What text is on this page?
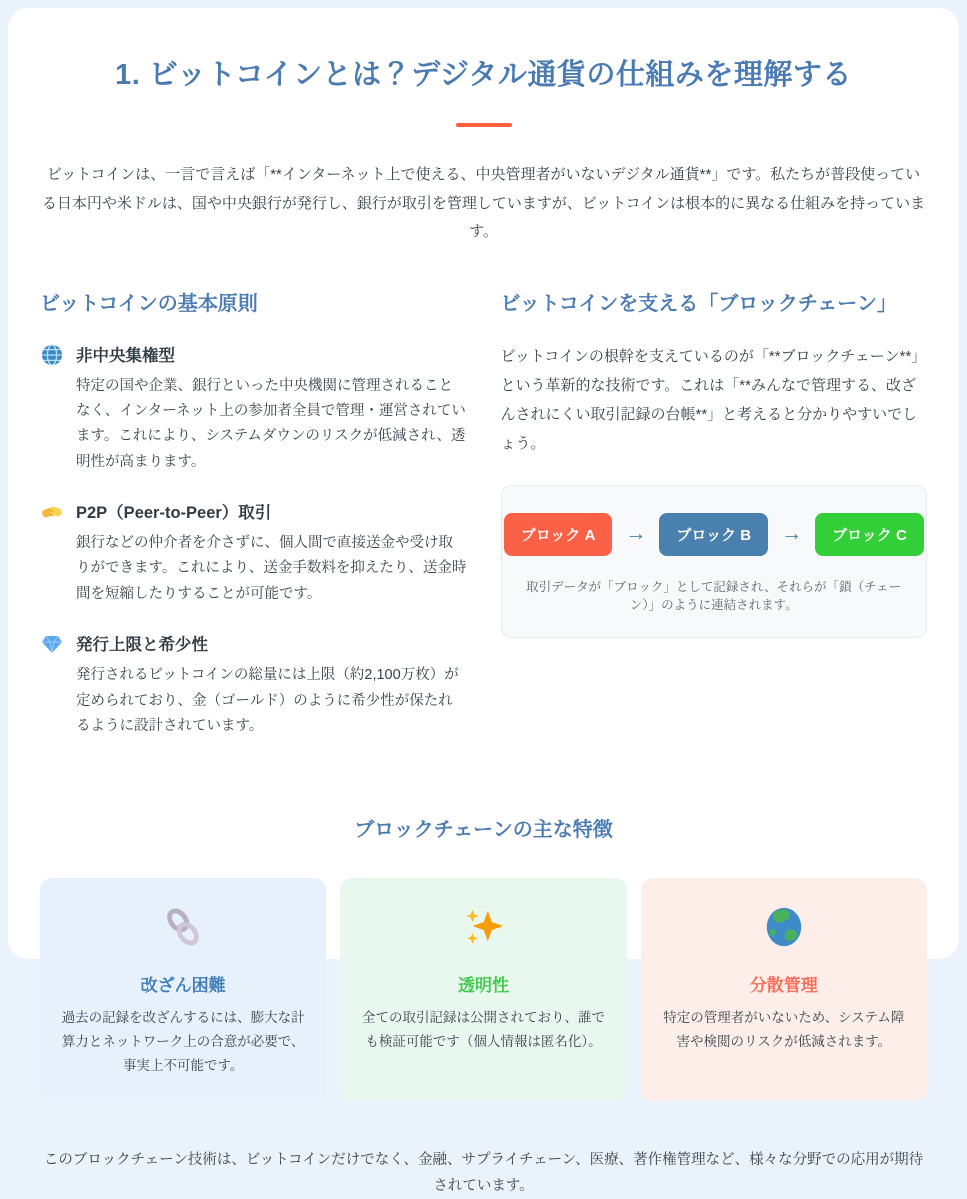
1. ビットコインとは？デジタル通貨の仕組みを理解する

ビットコインは、一言で言えば「**インターネット上で使える、中央管理者がいないデジタル通貨**」です。私たちが普段使っている日本円や米ドルは、国や中央銀行が発行し、銀行が取引を管理していますが、ビットコインは根本的に異なる仕組みを持っています。

ビットコインの基本原則

非中央集権型

特定の国や企業、銀行といった中央機関に管理されることなく、インターネット上の参加者全員で管理・運営されています。これにより、システムダウンのリスクが低減され、透明性が高まります。

P2P（Peer-to-Peer）取引

銀行などの仲介者を介さずに、個人間で直接送金や受け取りができます。これにより、送金手数料を抑えたり、送金時間を短縮したりすることが可能です。

発行上限と希少性

発行されるビットコインの総量には上限（約2,100万枚）が定められており、金（ゴールド）のように希少性が保たれるように設計されています。

ビットコインを支える「ブロックチェーン」

ビットコインの根幹を支えているのが「**ブロックチェーン**」という革新的な技術です。これは「**みんなで管理する、改ざんされにくい取引記録の台帳**」と考えると分かりやすいでしょう。

ブロック A	→	ブロック B	→	ブロック C
取引データが「ブロック」として記録され、それらが「鎖（チェーン）」のように連結されます。
ブロックチェーンの主な特徴

改ざん困難

過去の記録を改ざんするには、膨大な計算力とネットワーク上の合意が必要で、事実上不可能です。

透明性

全ての取引記録は公開されており、誰でも検証可能です（個人情報は匿名化）。

分散管理

特定の管理者がいないため、システム障害や検閲のリスクが低減されます。

このブロックチェーン技術は、ビットコインだけでなく、金融、サプライチェーン、医療、著作権管理など、様々な分野での応用が期待されています。
